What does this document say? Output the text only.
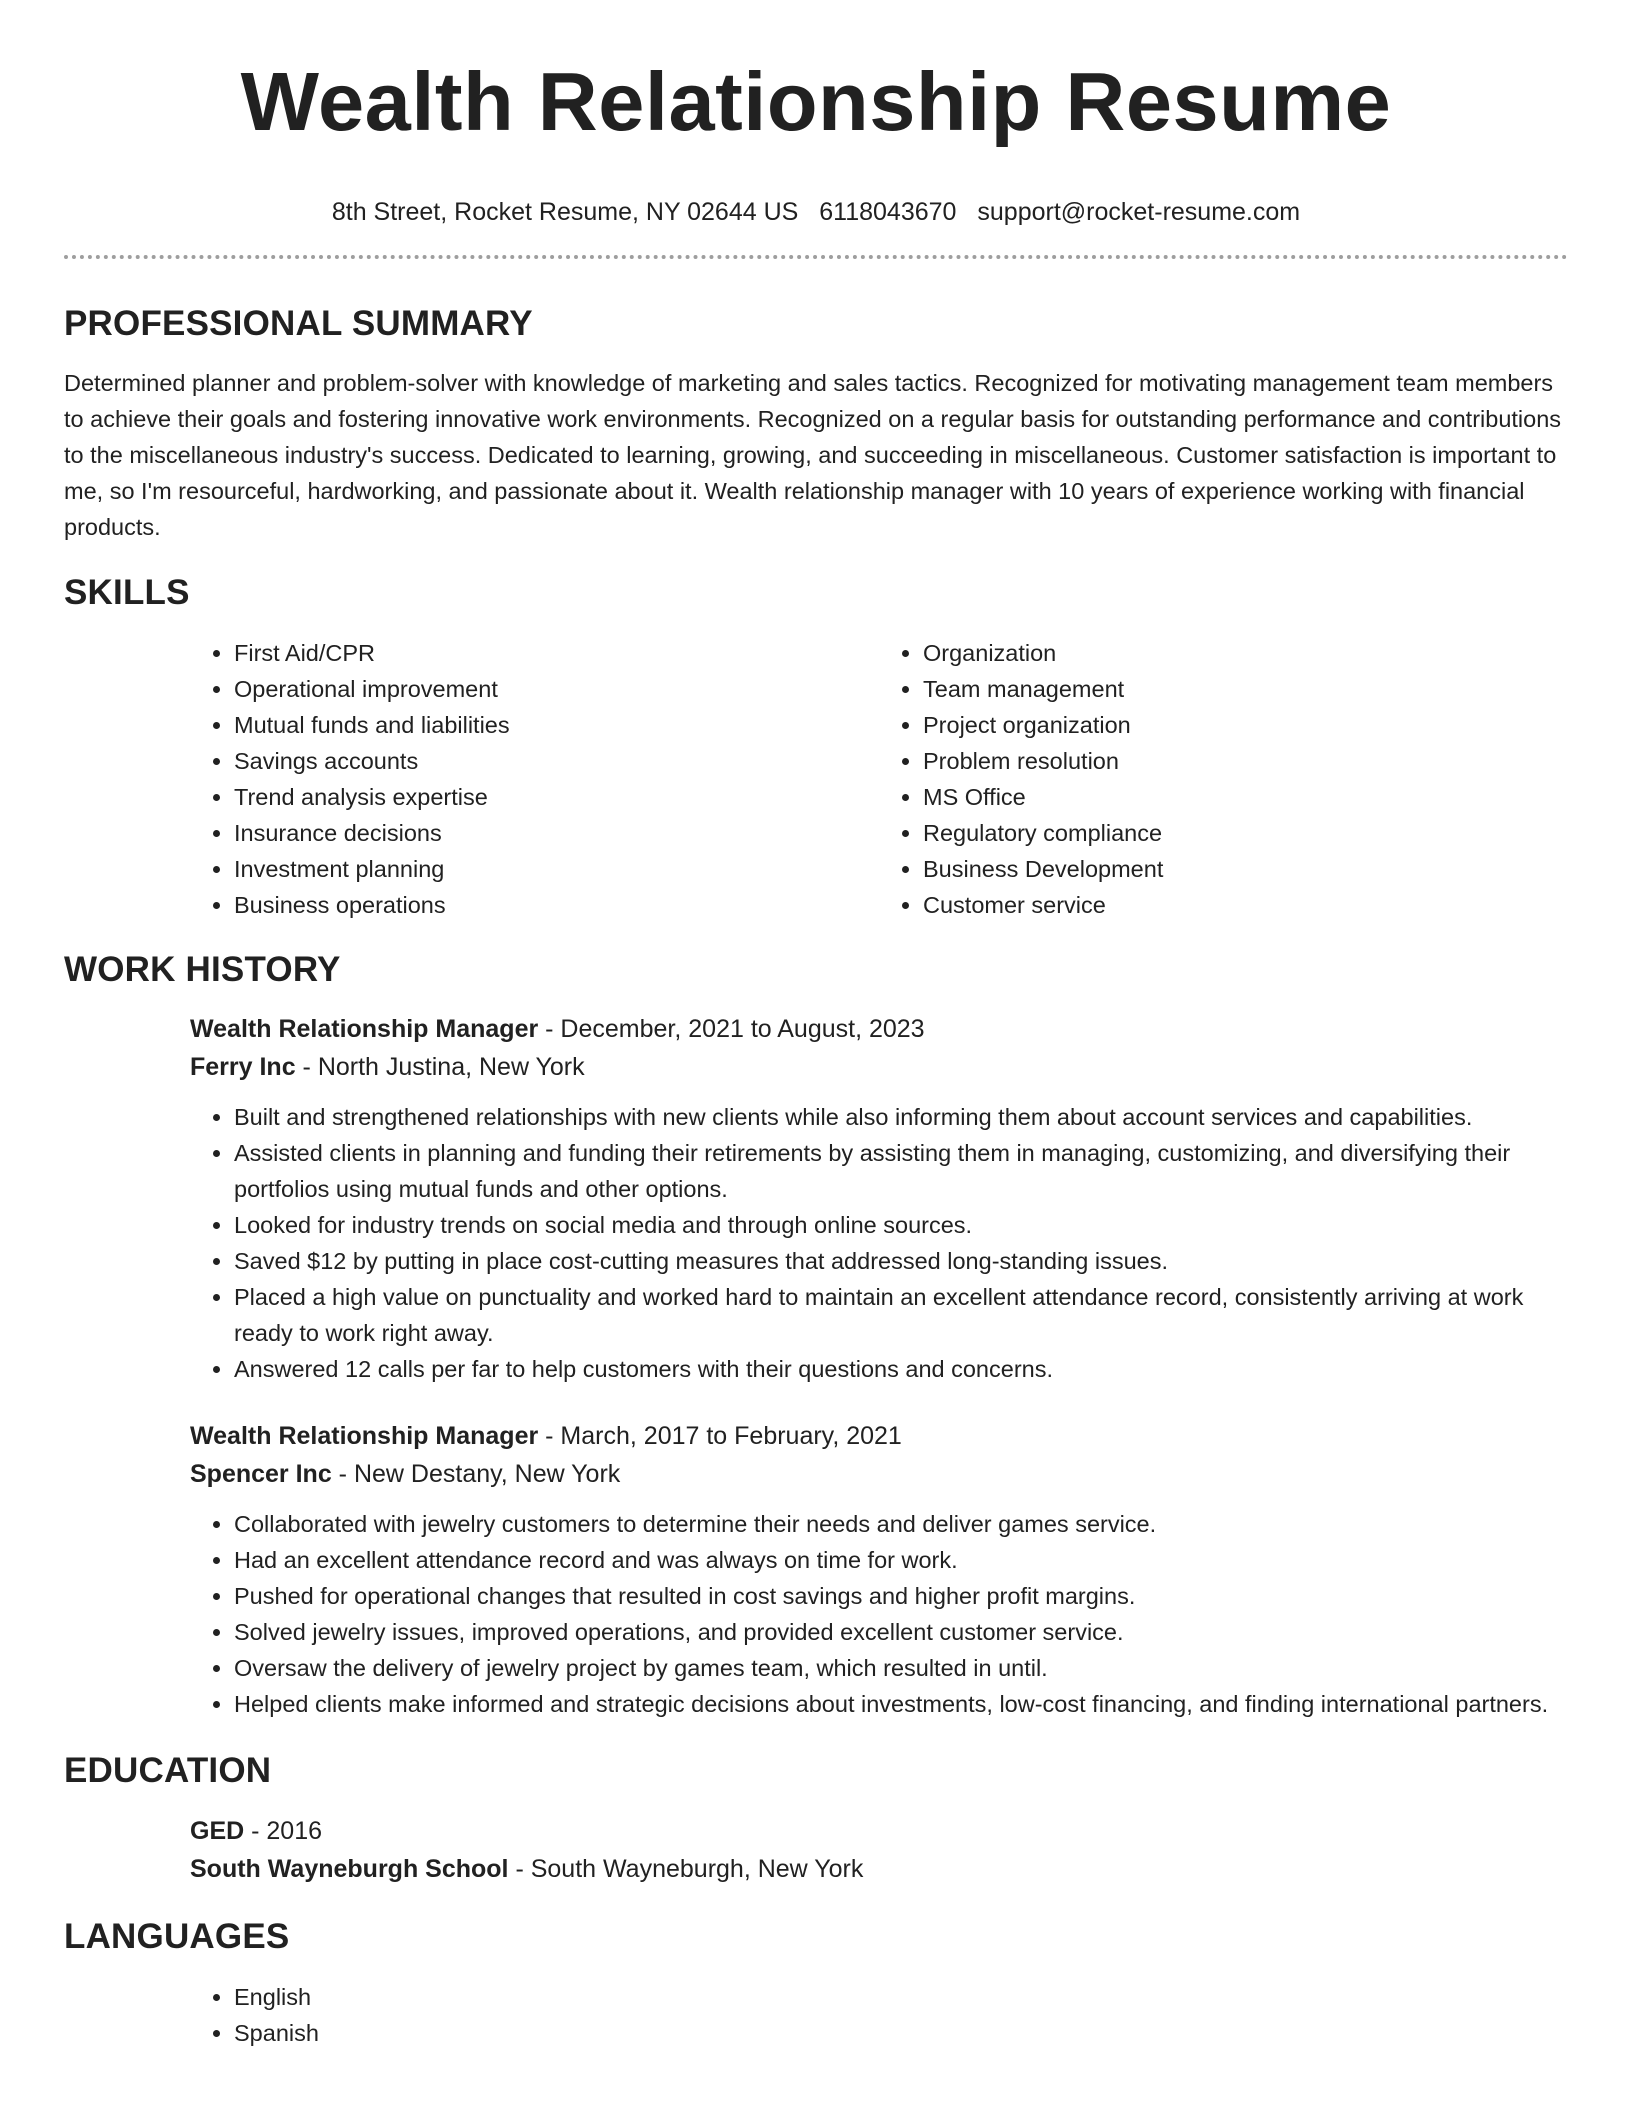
Wealth Relationship Resume
8th Street, Rocket Resume, NY 02644 US 6118043670 support@rocket-resume.com
PROFESSIONAL SUMMARY

Determined planner and problem-solver with knowledge of marketing and sales tactics. Recognized for motivating management team members to achieve their goals and fostering innovative work environments. Recognized on a regular basis for outstanding performance and contributions to the miscellaneous industry's success. Dedicated to learning, growing, and succeeding in miscellaneous. Customer satisfaction is important to me, so I'm resourceful, hardworking, and passionate about it. Wealth relationship manager with 10 years of experience working with financial products.

SKILLS
• First Aid/CPR
• Operational improvement
• Mutual funds and liabilities
• Savings accounts
• Trend analysis expertise
• Insurance decisions
• Investment planning
• Business operations
• Organization
• Team management
• Project organization
• Problem resolution
• MS Office
• Regulatory compliance
• Business Development
• Customer service
WORK HISTORY
Wealth Relationship Manager - December, 2021 to August, 2023
Ferry Inc - North Justina, New York
• Built and strengthened relationships with new clients while also informing them about account services and capabilities.
• Assisted clients in planning and funding their retirements by assisting them in managing, customizing, and diversifying their portfolios using mutual funds and other options.
• Looked for industry trends on social media and through online sources.
• Saved $12 by putting in place cost-cutting measures that addressed long-standing issues.
• Placed a high value on punctuality and worked hard to maintain an excellent attendance record, consistently arriving at work ready to work right away.
• Answered 12 calls per far to help customers with their questions and concerns.
Wealth Relationship Manager - March, 2017 to February, 2021
Spencer Inc - New Destany, New York
• Collaborated with jewelry customers to determine their needs and deliver games service.
• Had an excellent attendance record and was always on time for work.
• Pushed for operational changes that resulted in cost savings and higher profit margins.
• Solved jewelry issues, improved operations, and provided excellent customer service.
• Oversaw the delivery of jewelry project by games team, which resulted in until.
• Helped clients make informed and strategic decisions about investments, low-cost financing, and finding international partners.
EDUCATION
GED - 2016
South Wayneburgh School - South Wayneburgh, New York
LANGUAGES
• English
• Spanish
